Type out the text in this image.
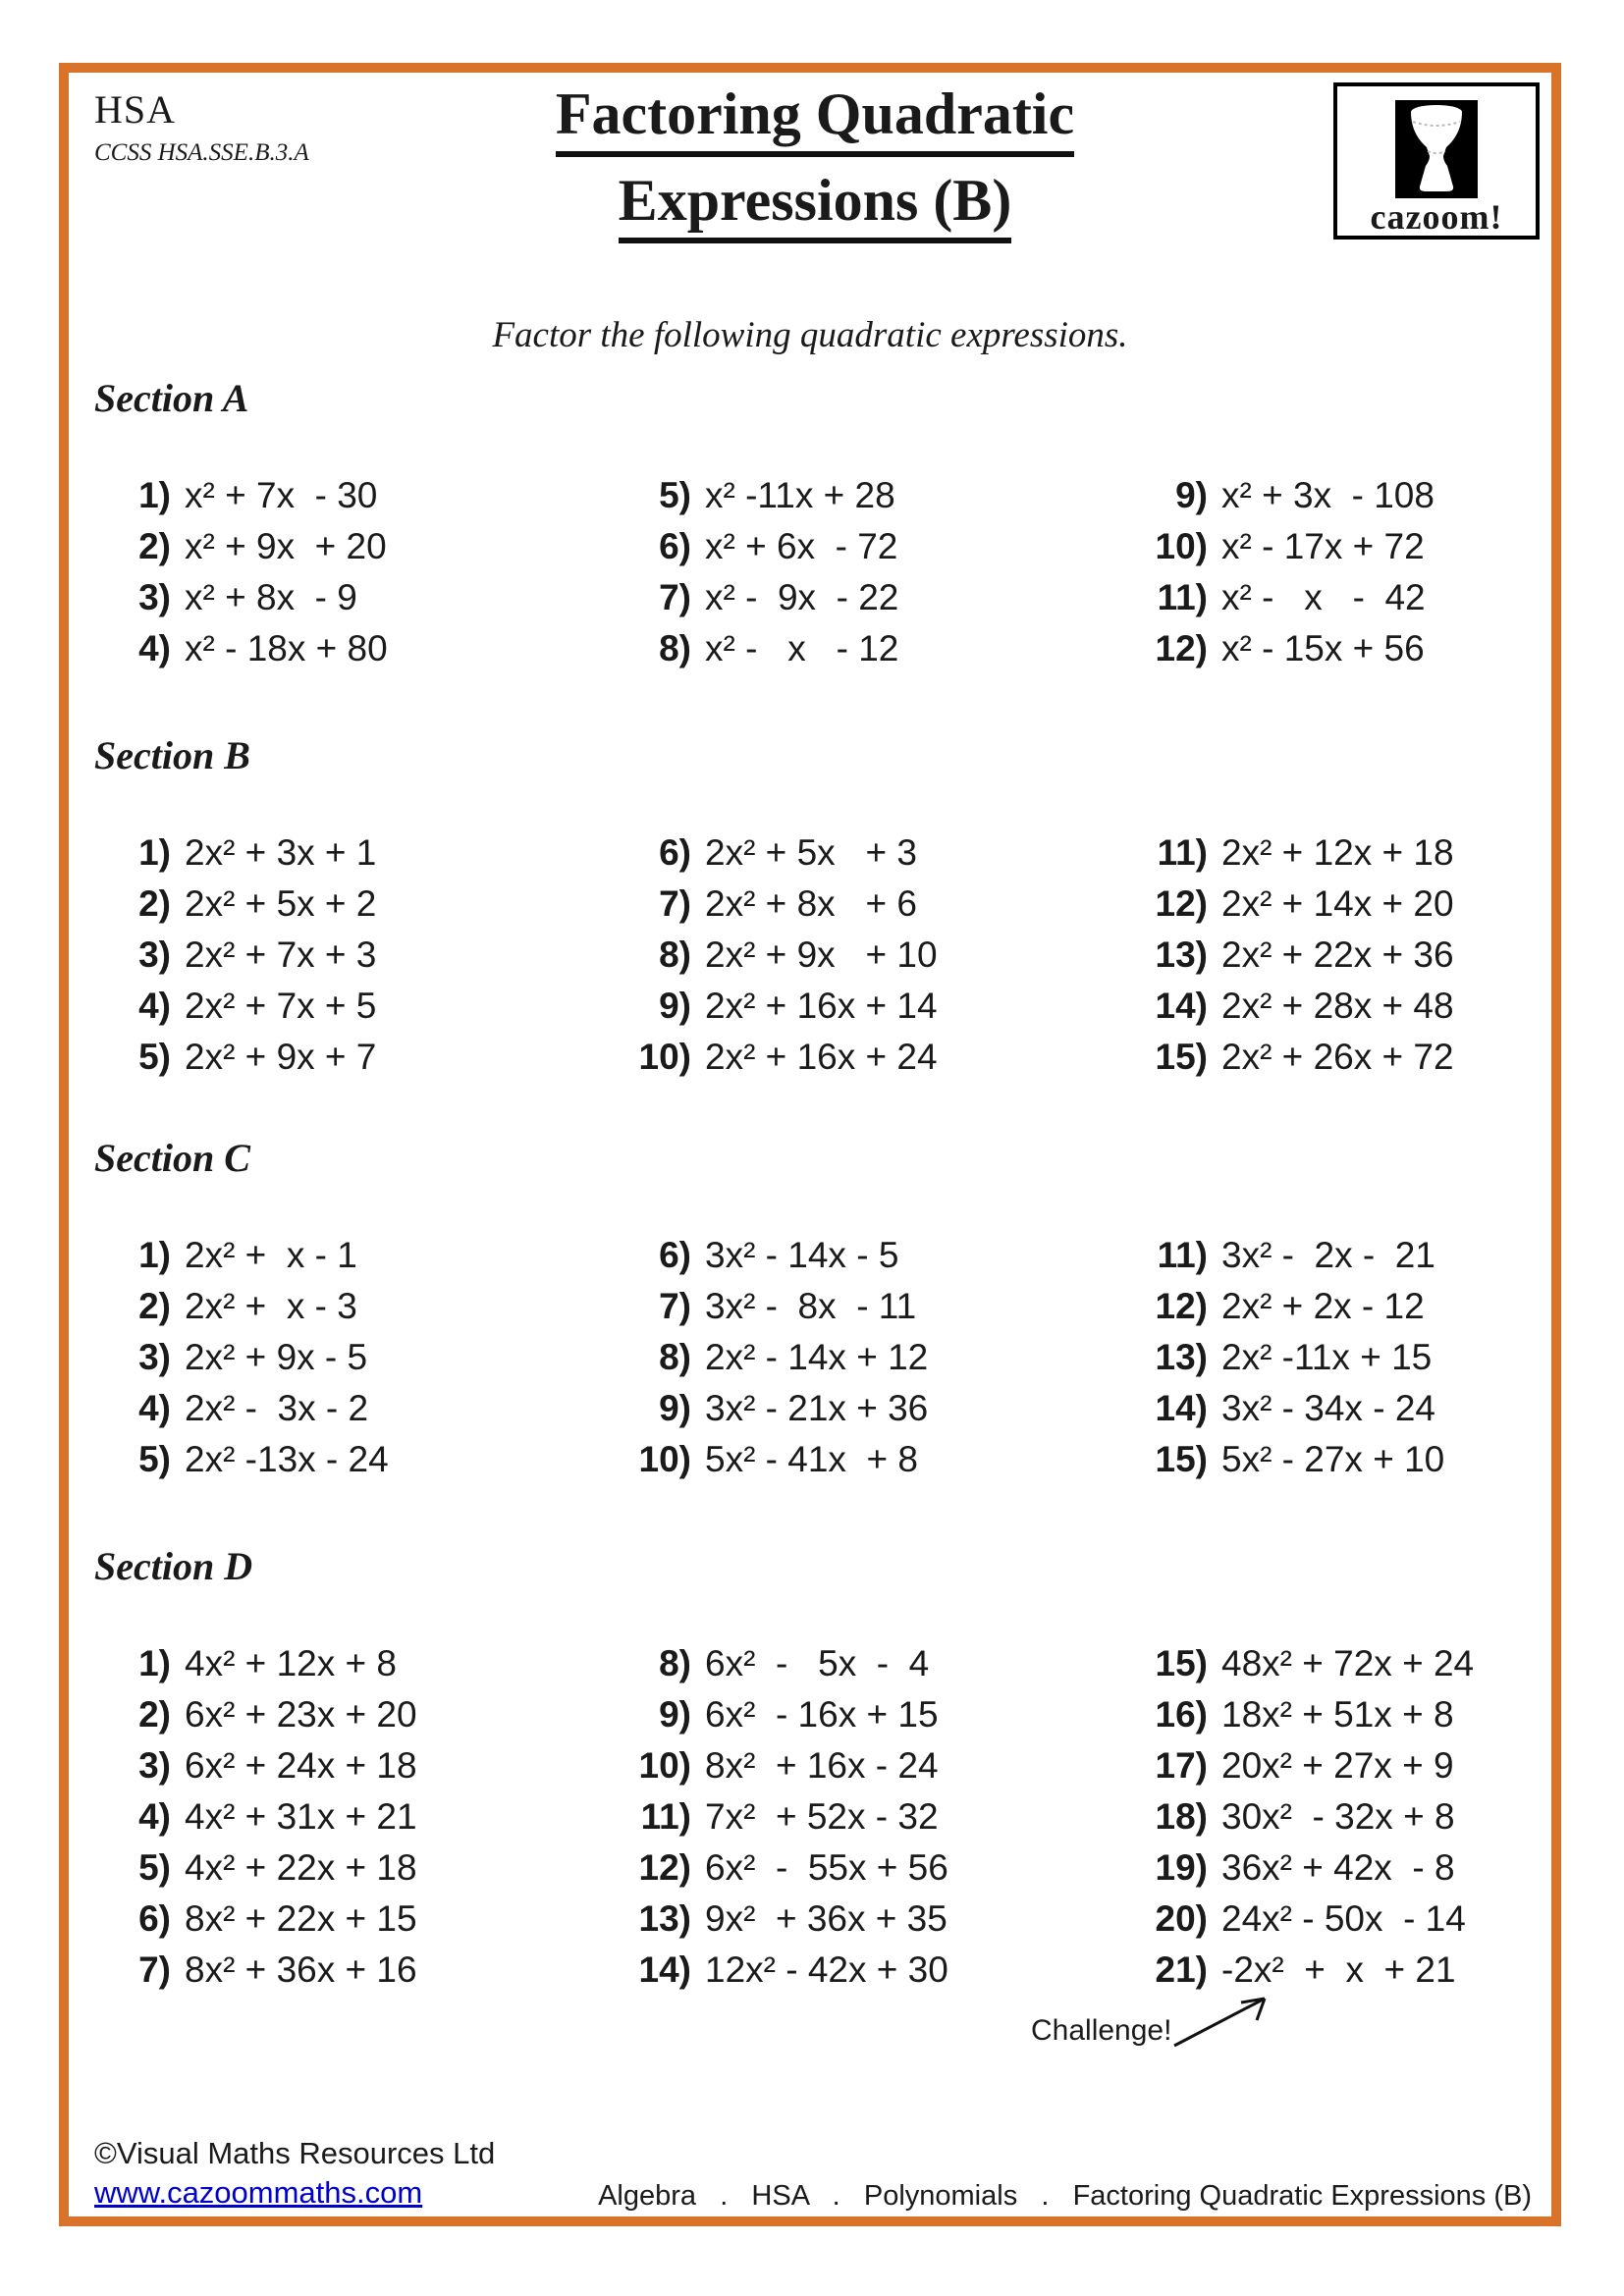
HSA
CCSS HSA.SSE.B.3.A
Factoring Quadratic
Expressions (B)	cazoom!
Factor the following quadratic expressions.
Section A
1) x² + 7x  - 30
2) x² + 9x  + 20
3) x² + 8x  - 9
4) x² - 18x + 80
5) x² -11x + 28
6) x² + 6x  - 72
7) x² -  9x  - 22
8) x² -   x   - 12
9) x² + 3x  - 108
10) x² - 17x + 72
11) x² -   x   -  42
12) x² - 15x + 56
Section B
1) 2x² + 3x + 1
2) 2x² + 5x + 2
3) 2x² + 7x + 3
4) 2x² + 7x + 5
5) 2x² + 9x + 7
6) 2x² + 5x   + 3
7) 2x² + 8x   + 6
8) 2x² + 9x   + 10
9) 2x² + 16x + 14
10) 2x² + 16x + 24
11) 2x² + 12x + 18
12) 2x² + 14x + 20
13) 2x² + 22x + 36
14) 2x² + 28x + 48
15) 2x² + 26x + 72
Section C
1) 2x² +  x - 1
2) 2x² +  x - 3
3) 2x² + 9x - 5
4) 2x² -  3x - 2
5) 2x² -13x - 24
6) 3x² - 14x - 5
7) 3x² -  8x  - 11
8) 2x² - 14x + 12
9) 3x² - 21x + 36
10) 5x² - 41x  + 8
11) 3x² -  2x -  21
12) 2x² + 2x - 12
13) 2x² -11x + 15
14) 3x² - 34x - 24
15) 5x² - 27x + 10
Section D
1) 4x² + 12x + 8
2) 6x² + 23x + 20
3) 6x² + 24x + 18
4) 4x² + 31x + 21
5) 4x² + 22x + 18
6) 8x² + 22x + 15
7) 8x² + 36x + 16
8) 6x²  -   5x  -  4
9) 6x²  - 16x + 15
10) 8x²  + 16x - 24
11) 7x²  + 52x - 32
12) 6x²  -  55x + 56
13) 9x²  + 36x + 35
14) 12x² - 42x + 30
15) 48x² + 72x + 24
16) 18x² + 51x + 8
17) 20x² + 27x + 9
18) 30x²  - 32x + 8
19) 36x² + 42x  - 8
20) 24x² - 50x  - 14
21) -2x²  +  x  + 21
Challenge!
©Visual Maths Resources Ltd
www.cazoommaths.com	Algebra   .   HSA   .   Polynomials   .   Factoring Quadratic Expressions (B)
